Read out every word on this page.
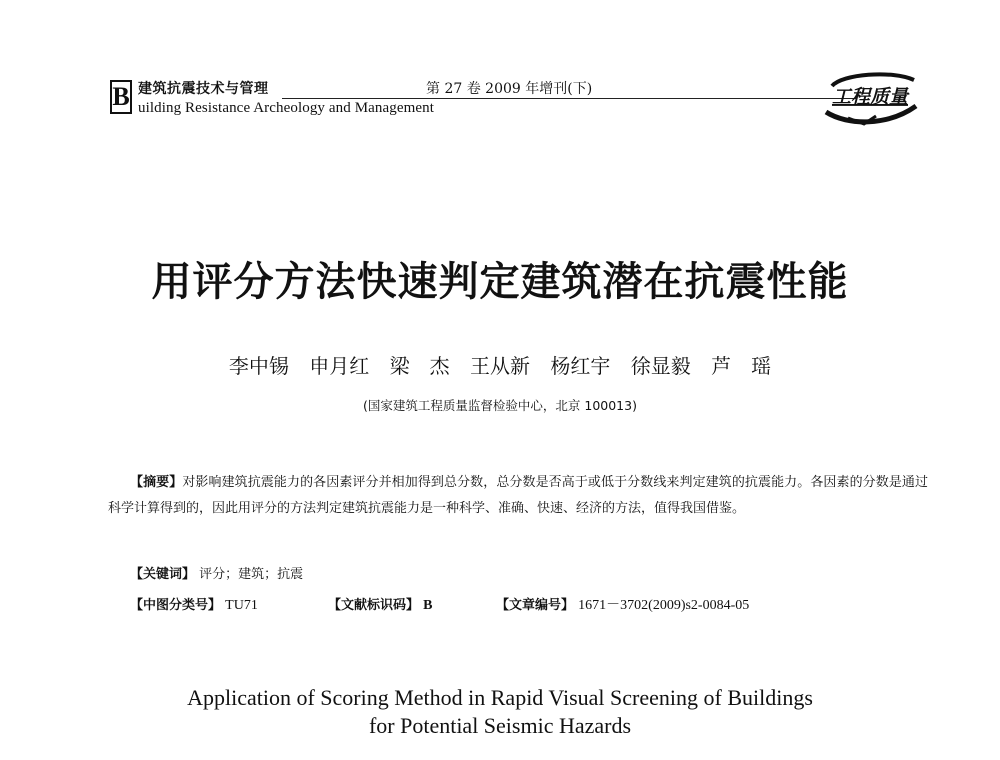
B 建筑抗震技术与管理
uilding Resistance Archeology and Management
第 27 卷 2009 年增刊(下)	工程质量
用评分方法快速判定建筑潜在抗震性能
李中锡 申月红 梁　杰 王从新 杨红宇 徐显毅 芦　瑶
(国家建筑工程质量监督检验中心，北京 100013)
【摘要】对影响建筑抗震能力的各因素评分并相加得到总分数，总分数是否高于或低于分数线来判定建筑的抗震能力。各因素的分数是通过科学计算得到的，因此用评分的方法判定建筑抗震能力是一种科学、准确、快速、经济的方法，值得我国借鉴。
【关键词】 评分；建筑；抗震
【中图分类号】 TU71	【文献标识码】 B	【文章编号】 1671－3702(2009)s2-0084-05
Application of Scoring Method in Rapid Visual Screening of Buildings
for Potential Seismic Hazards
